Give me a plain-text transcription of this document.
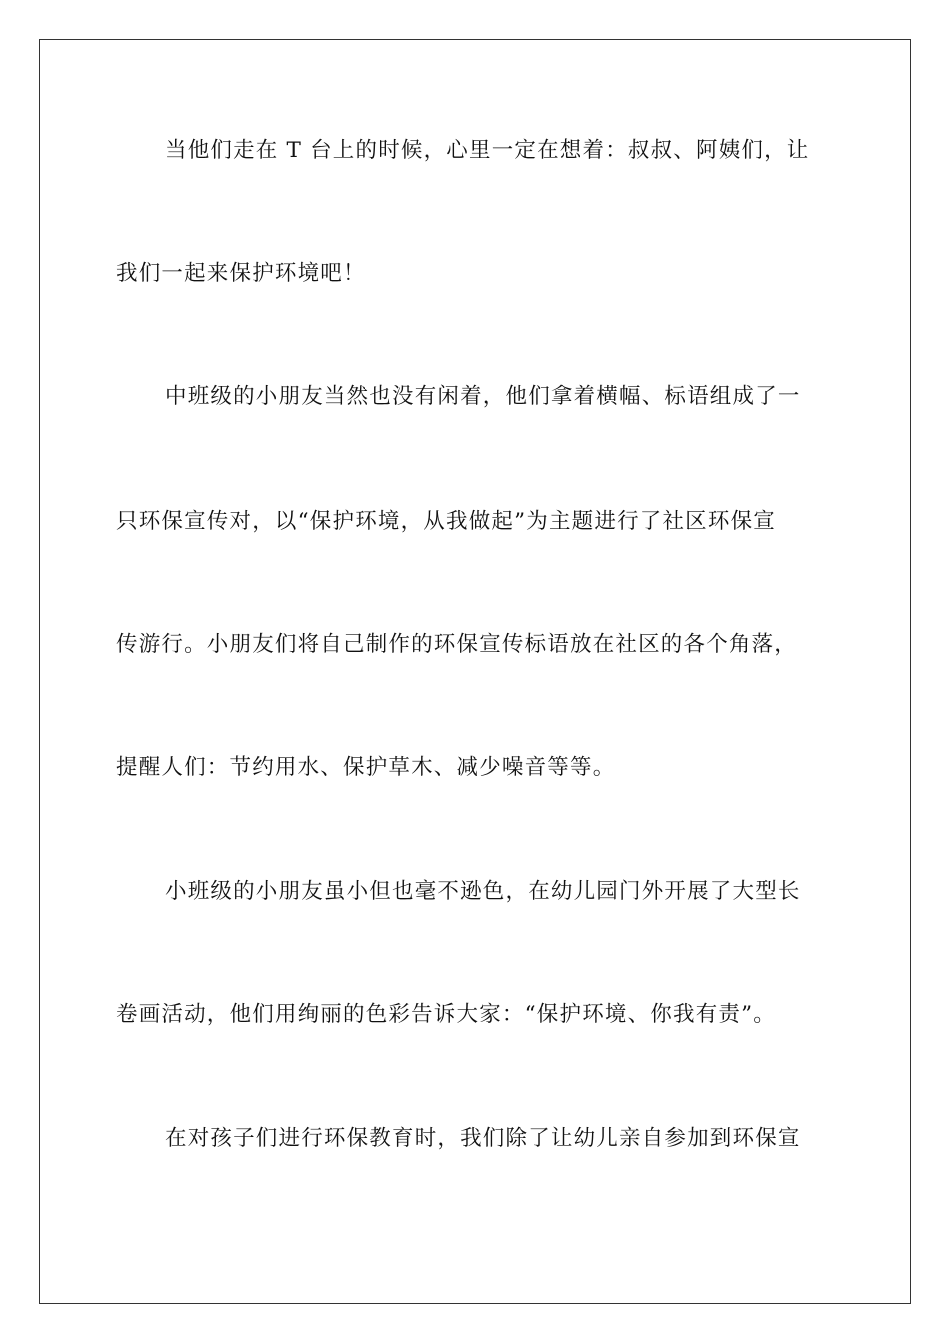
当他们走在 T 台上的时候，心里一定在想着：叔叔、阿姨们，让
我们一起来保护环境吧！
中班级的小朋友当然也没有闲着，他们拿着横幅、标语组成了一
只环保宣传对，以“保护环境，从我做起”为主题进行了社区环保宣
传游行。小朋友们将自己制作的环保宣传标语放在社区的各个角落，
提醒人们：节约用水、保护草木、减少噪音等等。
小班级的小朋友虽小但也毫不逊色，在幼儿园门外开展了大型长
卷画活动，他们用绚丽的色彩告诉大家：“保护环境、你我有责”。
在对孩子们进行环保教育时，我们除了让幼儿亲自参加到环保宣
